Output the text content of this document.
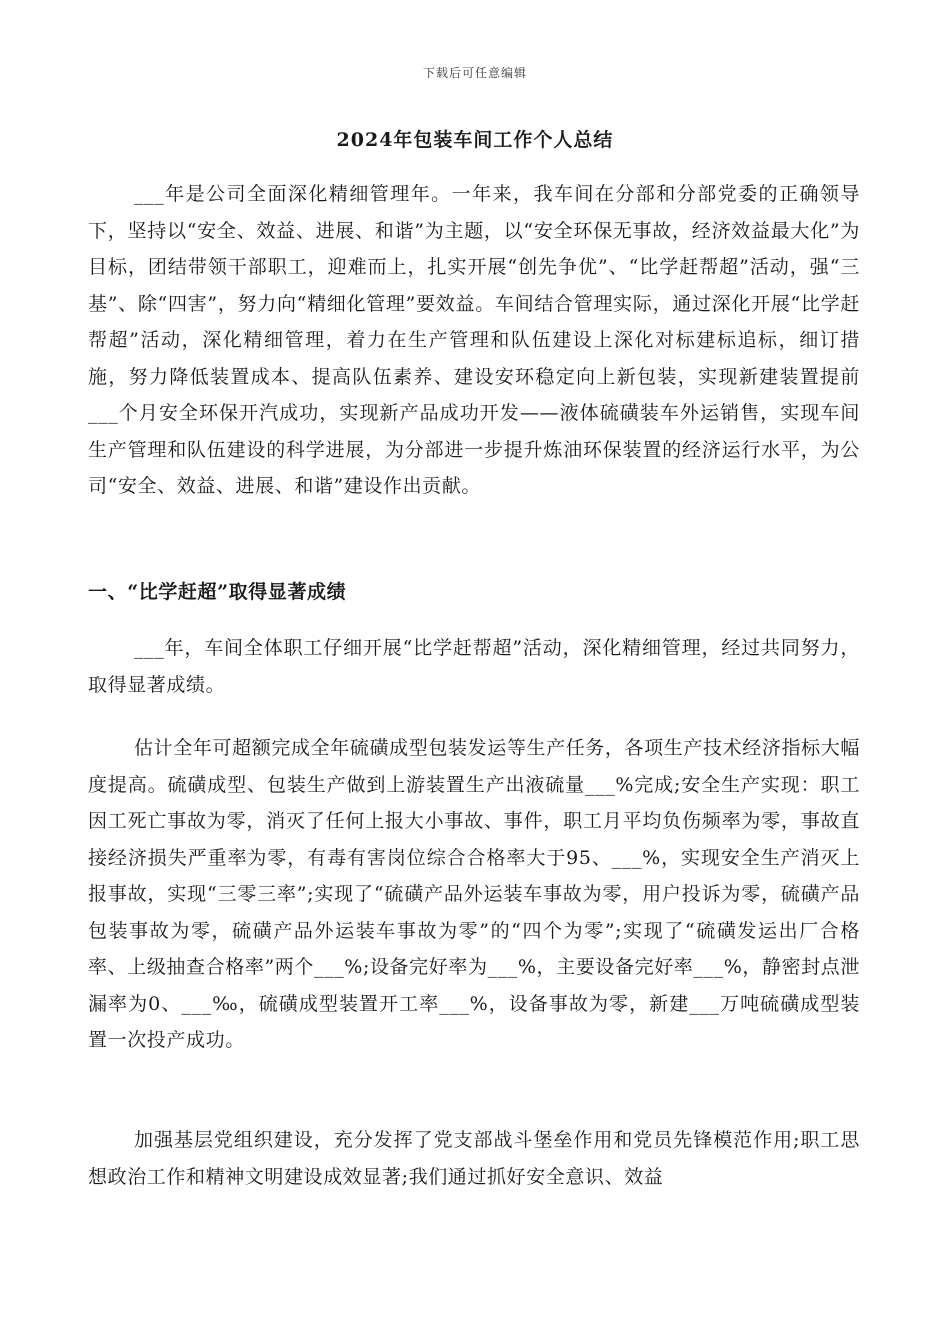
下载后可任意编辑
2024年包装车间工作个人总结

___年是公司全面深化精细管理年。一年来，我车间在分部和分部党委的正确领导下，坚持以“安全、效益、进展、和谐”为主题，以“安全环保无事故，经济效益最大化”为目标，团结带领干部职工，迎难而上，扎实开展“创先争优”、“比学赶帮超”活动，强“三基”、除“四害”，努力向“精细化管理”要效益。车间结合管理实际，通过深化开展“比学赶帮超”活动，深化精细管理，着力在生产管理和队伍建设上深化对标建标追标，细订措施，努力降低装置成本、提高队伍素养、建设安环稳定向上新包装，实现新建装置提前___个月安全环保开汽成功，实现新产品成功开发——液体硫磺装车外运销售，实现车间生产管理和队伍建设的科学进展，为分部进一步提升炼油环保装置的经济运行水平，为公司“安全、效益、进展、和谐”建设作出贡献。

一、“比学赶超”取得显著成绩

___年，车间全体职工仔细开展“比学赶帮超”活动，深化精细管理，经过共同努力，取得显著成绩。

估计全年可超额完成全年硫磺成型包装发运等生产任务，各项生产技术经济指标大幅度提高。硫磺成型、包装生产做到上游装置生产出液硫量___%完成;安全生产实现：职工因工死亡事故为零，消灭了任何上报大小事故、事件，职工月平均负伤频率为零，事故直接经济损失严重率为零，有毒有害岗位综合合格率大于95、___%，实现安全生产消灭上报事故，实现“三零三率”;实现了“硫磺产品外运装车事故为零，用户投诉为零，硫磺产品包装事故为零，硫磺产品外运装车事故为零”的“四个为零”;实现了“硫磺发运出厂合格率、上级抽查合格率”两个___%;设备完好率为___%，主要设备完好率___%，静密封点泄漏率为0、___‰，硫磺成型装置开工率___%，设备事故为零，新建___万吨硫磺成型装置一次投产成功。

加强基层党组织建设，充分发挥了党支部战斗堡垒作用和党员先锋模范作用;职工思想政治工作和精神文明建设成效显著;我们通过抓好安全意识、效益
